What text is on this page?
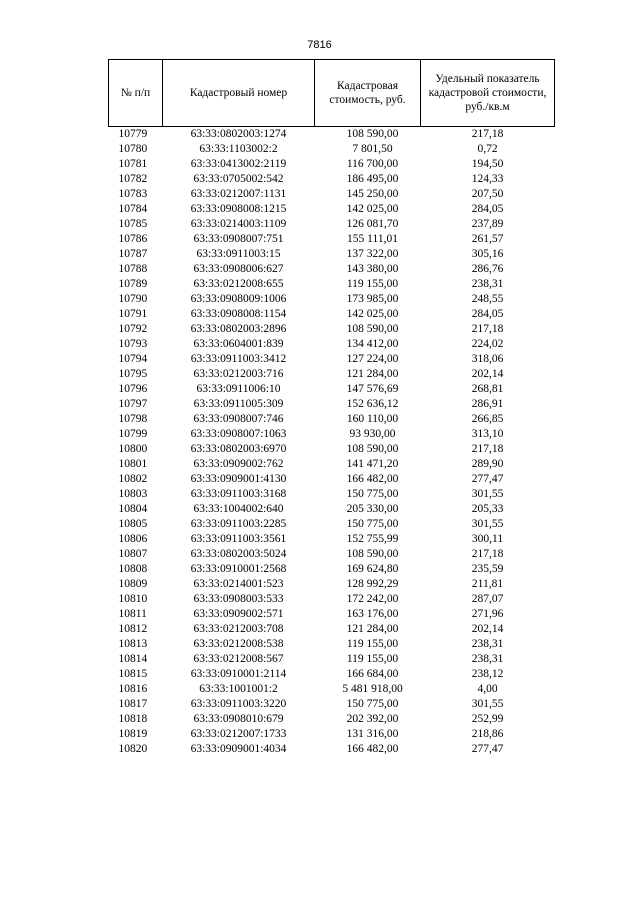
7816
№ п/п	Кадастровый номер	Кадастровая стоимость, руб.	Удельный показатель кадастровой стоимости, руб./кв.м
10779	63:33:0802003:1274	108 590,00	217,18
10780	63:33:1103002:2	7 801,50	0,72
10781	63:33:0413002:2119	116 700,00	194,50
10782	63:33:0705002:542	186 495,00	124,33
10783	63:33:0212007:1131	145 250,00	207,50
10784	63:33:0908008:1215	142 025,00	284,05
10785	63:33:0214003:1109	126 081,70	237,89
10786	63:33:0908007:751	155 111,01	261,57
10787	63:33:0911003:15	137 322,00	305,16
10788	63:33:0908006:627	143 380,00	286,76
10789	63:33:0212008:655	119 155,00	238,31
10790	63:33:0908009:1006	173 985,00	248,55
10791	63:33:0908008:1154	142 025,00	284,05
10792	63:33:0802003:2896	108 590,00	217,18
10793	63:33:0604001:839	134 412,00	224,02
10794	63:33:0911003:3412	127 224,00	318,06
10795	63:33:0212003:716	121 284,00	202,14
10796	63:33:0911006:10	147 576,69	268,81
10797	63:33:0911005:309	152 636,12	286,91
10798	63:33:0908007:746	160 110,00	266,85
10799	63:33:0908007:1063	93 930,00	313,10
10800	63:33:0802003:6970	108 590,00	217,18
10801	63:33:0909002:762	141 471,20	289,90
10802	63:33:0909001:4130	166 482,00	277,47
10803	63:33:0911003:3168	150 775,00	301,55
10804	63:33:1004002:640	205 330,00	205,33
10805	63:33:0911003:2285	150 775,00	301,55
10806	63:33:0911003:3561	152 755,99	300,11
10807	63:33:0802003:5024	108 590,00	217,18
10808	63:33:0910001:2568	169 624,80	235,59
10809	63:33:0214001:523	128 992,29	211,81
10810	63:33:0908003:533	172 242,00	287,07
10811	63:33:0909002:571	163 176,00	271,96
10812	63:33:0212003:708	121 284,00	202,14
10813	63:33:0212008:538	119 155,00	238,31
10814	63:33:0212008:567	119 155,00	238,31
10815	63:33:0910001:2114	166 684,00	238,12
10816	63:33:1001001:2	5 481 918,00	4,00
10817	63:33:0911003:3220	150 775,00	301,55
10818	63:33:0908010:679	202 392,00	252,99
10819	63:33:0212007:1733	131 316,00	218,86
10820	63:33:0909001:4034	166 482,00	277,47
